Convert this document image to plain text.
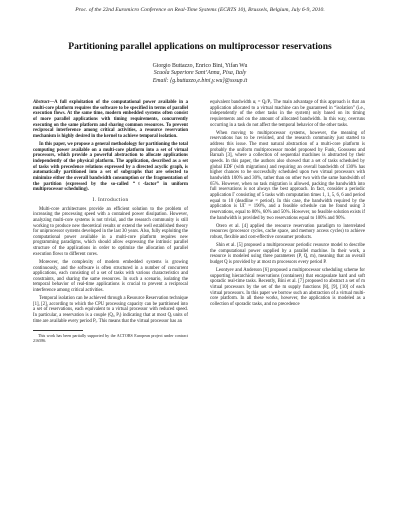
Proc. of the 22nd Euromicro Conference on Real-Time Systems (ECRTS 10), Brussels, Belgium, July 6-9, 2010.
Partitioning parallel applications on multiprocessor reservations
Giorgio Buttazzo, Enrico Bini, Yifan Wu
Scuola Superiore Sant’Anna, Pisa, Italy
Email: {g.buttazzo,e.bini,y.wu}@sssup.it

Abstract—A full exploitation of the computational power available in a multi-core platform requires the software to be specified in terms of parallel execution flows. At the same time, modern embedded systems often consist of more parallel applications with timing requirements, concurrently executing on the same platform and sharing common resources. To prevent reciprocal interference among critical activities, a resource reservation mechanism is highly desired in the kernel to achieve temporal isolation.

In this paper, we propose a general methodology for partitioning the total computing power available on a multi-core platform into a set of virtual processors, which provide a powerful abstraction to allocate applications independently of the physical platform. The application, described as a set of tasks with precedence relations expressed by a directed acyclic graph, is automatically partitioned into a set of subgraphs that are selected to minimize either the overall bandwidth consumption or the fragmentation of the partition (expressed by the so-called “ℓ-factor” in uniform multiprocessor scheduling).

I. Introduction

Multi-core architectures provide an efficient solution to the problem of increasing the processing speed with a contained power dissipation. However, analyzing multi-core systems is not trivial, and the research community is still working to produce new theoretical results or extend the well established theory for uniprocessor systems developed in the last 30 years. Also, fully exploiting the computational power available in a multi-core platform requires new programming paradigms, which should allow expressing the intrinsic parallel structure of the applications in order to optimize the allocation of parallel execution flows to different cores.

Moreover, the complexity of modern embedded systems is growing continuously, and the software is often structured in a number of concurrent applications, each consisting of a set of tasks with various characteristics and constraints, and sharing the same resources. In such a scenario, isolating the temporal behavior of real-time applications is crucial to prevent a reciprocal interference among critical activities.

Temporal isolation can be achieved through a Resource Reservation technique [1], [2], according to which the CPU processing capacity can be partitioned into a set of reservations, each equivalent to a virtual processor with reduced speed. In particular, a reservation is a couple (Qᵢ, Pᵢ) indicating that at most Qᵢ units of time are available every period Pᵢ. This means that the virtual processor has an

This work has been partially supported by the ACTORS European project under contract 216586.

equivalent bandwidth αᵢ = Qᵢ/Pᵢ. The main advantage of this approach is that an application allocated to a virtual machine can be guaranteed in “isolation” (i.e., independently of the other tasks in the system) only based on its timing requirements and on the amount of allocated bandwidth. In this way, overruns occurring in a task do not affect the temporal behavior of the other tasks.

When moving to multiprocessor systems, however, the meaning of reservations has to be revisited, and the research community just started to address this issue. The most natural abstraction of a multi-core platform is probably the uniform multiprocessor model proposed by Funk, Goossens and Baruah [3], where a collection of sequential machines is abstracted by their speeds. In this paper, the authors also showed that a set of tasks scheduled by global EDF (with migrations) and requiring an overall bandwidth of 130% has higher chances to be successfully scheduled upon two virtual processors with bandwidth 100% and 30%, rather than on other two with the same bandwidth of 65%. However, when no task migration is allowed, packing the bandwidth into full reservations is not always the best approach. In fact, consider a periodic application Γ consisting of 5 tasks with computation times 1, 1, 5, 6, 6 and period equal to 10 (deadline = period). In this case, the bandwidth required by the application is UΓ = 190%, and a feasible schedule can be found using 3 reservations, equal to 80%, 60% and 50%. However, no feasible solution exists if the bandwidth is provided by two reservations equal to 100% and 90%.

Otero et al. [4] applied the resource reservation paradigm to interrelated resources (processor cycles, cache space, and memory access cycles) to achieve robust, flexible and cost-effective consumer products.

Shin et al. [5] proposed a multiprocessor periodic resource model to describe the computational power supplied by a parallel machine. In their work, a resource is modeled using three parameters (P, Q, m), meaning that an overall budget Q is provided by at most m processors every period P.

Leontyev and Anderson [6] proposed a multiprocessor scheduling scheme for supporting hierarchical reservations (containers) that encapsulate hard and soft sporadic real-time tasks. Recently, Bini et al. [7] proposed to abstract a set of m virtual processors by the set of the m supply functions [8], [9], [10] of each virtual processors. In this paper we borrow such an abstraction of a virtual multi-core platform. In all these works, however, the application is modeled as a collection of sporadic tasks, and no precedence
